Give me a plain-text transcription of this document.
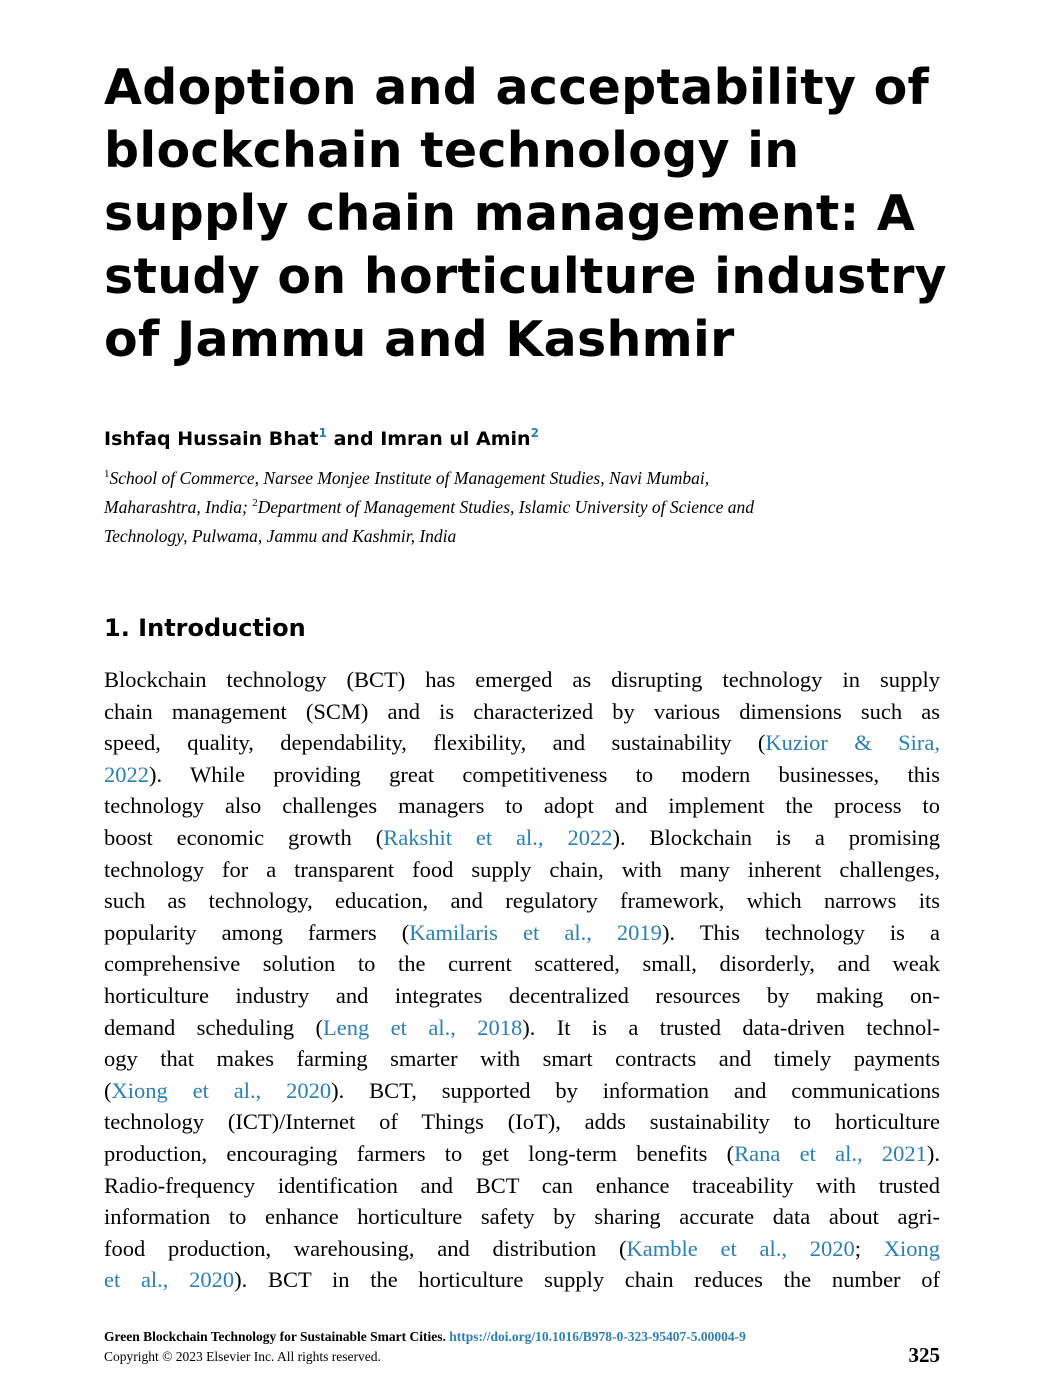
Adoption and acceptability of
blockchain technology in
supply chain management: A
study on horticulture industry
of Jammu and Kashmir

Ishfaq Hussain Bhat$^1$ and Imran ul Amin$^2$

$^1$School of Commerce, Narsee Monjee Institute of Management Studies, Navi Mumbai,
Maharashtra, India; $^2$Department of Management Studies, Islamic University of Science and
Technology, Pulwama, Jammu and Kashmir, India
1. Introduction
Blockchain technology (BCT) has emerged as disrupting technology in supply
chain management (SCM) and is characterized by various dimensions such as
speed, quality, dependability, flexibility, and sustainability (Kuzior & Sira,
2022). While providing great competitiveness to modern businesses, this
technology also challenges managers to adopt and implement the process to
boost economic growth (Rakshit et al., 2022). Blockchain is a promising
technology for a transparent food supply chain, with many inherent challenges,
such as technology, education, and regulatory framework, which narrows its
popularity among farmers (Kamilaris et al., 2019). This technology is a
comprehensive solution to the current scattered, small, disorderly, and weak
horticulture industry and integrates decentralized resources by making on-
demand scheduling (Leng et al., 2018). It is a trusted data-driven technol-
ogy that makes farming smarter with smart contracts and timely payments
(Xiong et al., 2020). BCT, supported by information and communications
technology (ICT)/Internet of Things (IoT), adds sustainability to horticulture
production, encouraging farmers to get long-term benefits (Rana et al., 2021).
Radio-frequency identification and BCT can enhance traceability with trusted
information to enhance horticulture safety by sharing accurate data about agri-
food production, warehousing, and distribution (Kamble et al., 2020; Xiong
et al., 2020). BCT in the horticulture supply chain reduces the number of
Green Blockchain Technology for Sustainable Smart Cities. https://doi.org/10.1016/B978-0-323-95407-5.00004-9
Copyright © 2023 Elsevier Inc. All rights reserved.	325
